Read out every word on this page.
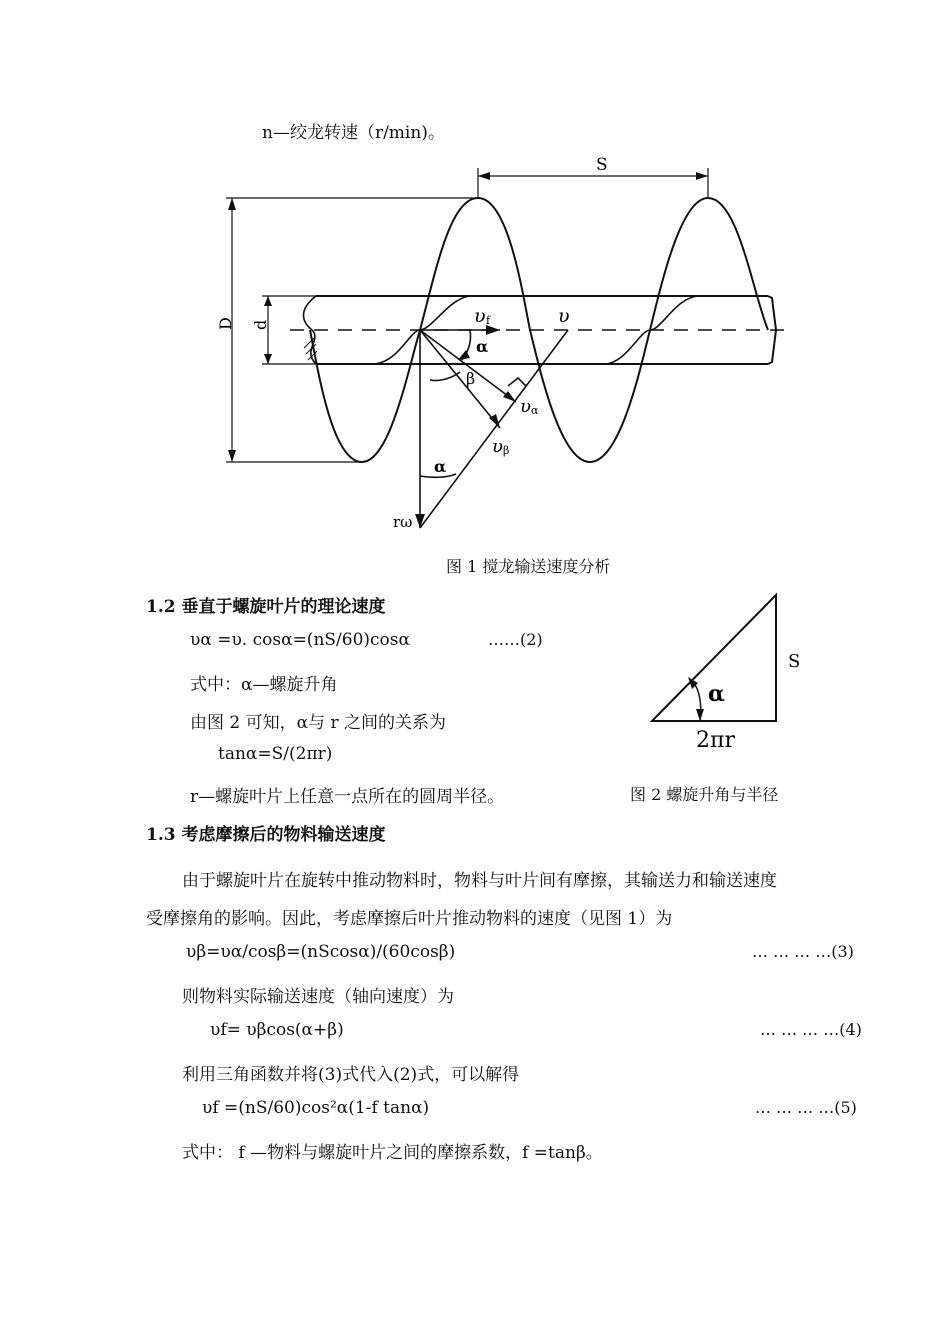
n—绞龙转速（r/min)。
S
D d	υ f	υ
α
β
υ α
υ β
α
rω
图 1 搅龙输送速度分析
1.2 垂直于螺旋叶片的理论速度
υα =υ. cosα=(nS/60)cosα	……(2)
式中：α—螺旋升角
由图 2 可知，α与 r 之间的关系为
tanα=S/(2πr)
r—螺旋叶片上任意一点所在的圆周半径。
S
α
2πr
图 2 螺旋升角与半径
1.3 考虑摩擦后的物料输送速度
由于螺旋叶片在旋转中推动物料时，物料与叶片间有摩擦，其输送力和输送速度
受摩擦角的影响。因此，考虑摩擦后叶片推动物料的速度（见图 1）为
υβ=υα/cosβ=(nScosα)/(60cosβ)	… … … …(3)
则物料实际输送速度（轴向速度）为
υf= υβcos(α+β)	… … … …(4)
利用三角函数并将(3)式代入(2)式，可以解得
υf =(nS/60)cos²α(1-f tanα)	… … … …(5)
式中： f —物料与螺旋叶片之间的摩擦系数，f =tanβ。
